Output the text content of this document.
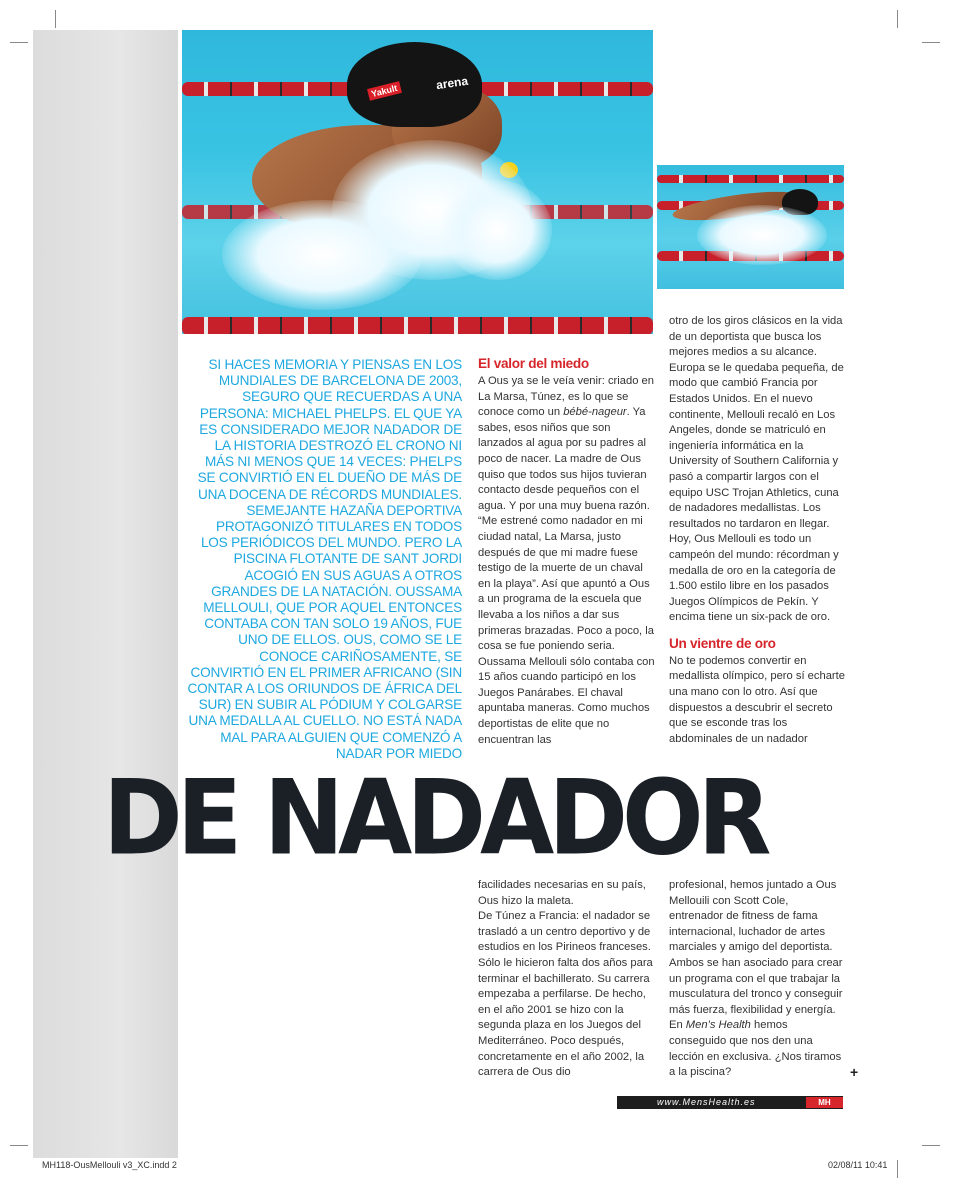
Yakult	arena
SI HACES MEMORIA Y PIENSAS EN LOS MUNDIALES DE BARCELONA DE 2003, SEGURO QUE RECUERDAS A UNA PERSONA: MICHAEL PHELPS. EL QUE YA ES CONSIDERADO MEJOR NADADOR DE LA HISTORIA DESTROZÓ EL CRONO NI MÁS NI MENOS QUE 14 VECES: PHELPS SE CONVIRTIÓ EN EL DUEÑO DE MÁS DE UNA DOCENA DE RÉCORDS MUNDIALES. SEMEJANTE HAZAÑA DEPORTIVA PROTAGONIZÓ TITULARES EN TODOS LOS PERIÓDICOS DEL MUNDO. PERO LA PISCINA FLOTANTE DE SANT JORDI ACOGIÓ EN SUS AGUAS A OTROS GRANDES DE LA NATACIÓN. OUSSAMA MELLOULI, QUE POR AQUEL ENTONCES CONTABA CON TAN SOLO 19 AÑOS, FUE UNO DE ELLOS. OUS, COMO SE LE CONOCE CARIÑOSAMENTE, SE CONVIRTIÓ EN EL PRIMER AFRICANO (SIN CONTAR A LOS ORIUNDOS DE ÁFRICA DEL SUR) EN SUBIR AL PÓDIUM Y COLGARSE UNA MEDALLA AL CUELLO. NO ESTÁ NADA MAL PARA ALGUIEN QUE COMENZÓ A NADAR POR MIEDO
El valor del miedo

A Ous ya se le veía venir: criado en La Marsa, Túnez, es lo que se conoce como un bébé-nageur. Ya sabes, esos niños que son lanzados al agua por su padres al poco de nacer. La madre de Ous quiso que todos sus hijos tuvieran contacto desde pequeños con el agua. Y por una muy buena razón. “Me estrené como nadador en mi ciudad natal, La Marsa, justo después de que mi madre fuese testigo de la muerte de un chaval en la playa”. Así que apuntó a Ous a un programa de la escuela que llevaba a los niños a dar sus primeras brazadas. Poco a poco, la cosa se fue poniendo seria. Oussama Mellouli sólo contaba con 15 años cuando participó en los Juegos Panárabes. El chaval apuntaba maneras. Como muchos deportistas de elite que no encuentran las

otro de los giros clásicos en la vida de un deportista que busca los mejores medios a su alcance. Europa se le quedaba pequeña, de modo que cambió Francia por Estados Unidos. En el nuevo continente, Mellouli recaló en Los Angeles, donde se matriculó en ingeniería informática en la University of Southern California y pasó a compartir largos con el equipo USC Trojan Athletics, cuna de nadadores medallistas. Los resultados no tardaron en llegar. Hoy, Ous Mellouli es todo un campeón del mundo: récordman y medalla de oro en la categoría de 1.500 estilo libre en los pasados Juegos Olímpicos de Pekín. Y encima tiene un six-pack de oro.

Un vientre de oro

No te podemos convertir en medallista olímpico, pero sí echarte una mano con lo otro. Así que dispuestos a descubrir el secreto que se esconde tras los abdominales de un nadador

DE NADADOR

facilidades necesarias en su país, Ous hizo la maleta.

De Túnez a Francia: el nadador se trasladó a un centro deportivo y de estudios en los Pirineos franceses. Sólo le hicieron falta dos años para terminar el bachillerato. Su carrera empezaba a perfilarse. De hecho, en el año 2001 se hizo con la segunda plaza en los Juegos del Mediterráneo. Poco después, concretamente en el año 2002, la carrera de Ous dio

profesional, hemos juntado a Ous Mellouili con Scott Cole, entrenador de fitness de fama internacional, luchador de artes marciales y amigo del deportista. Ambos se han asociado para crear un programa con el que trabajar la musculatura del tronco y conseguir más fuerza, flexibilidad y energía. En Men’s Health hemos conseguido que nos den una lección en exclusiva. ¿Nos tiramos a la piscina?	+
www.MensHealth.es	MH
MH118-OusMellouli v3_XC.indd 2	02/08/11 10:41
